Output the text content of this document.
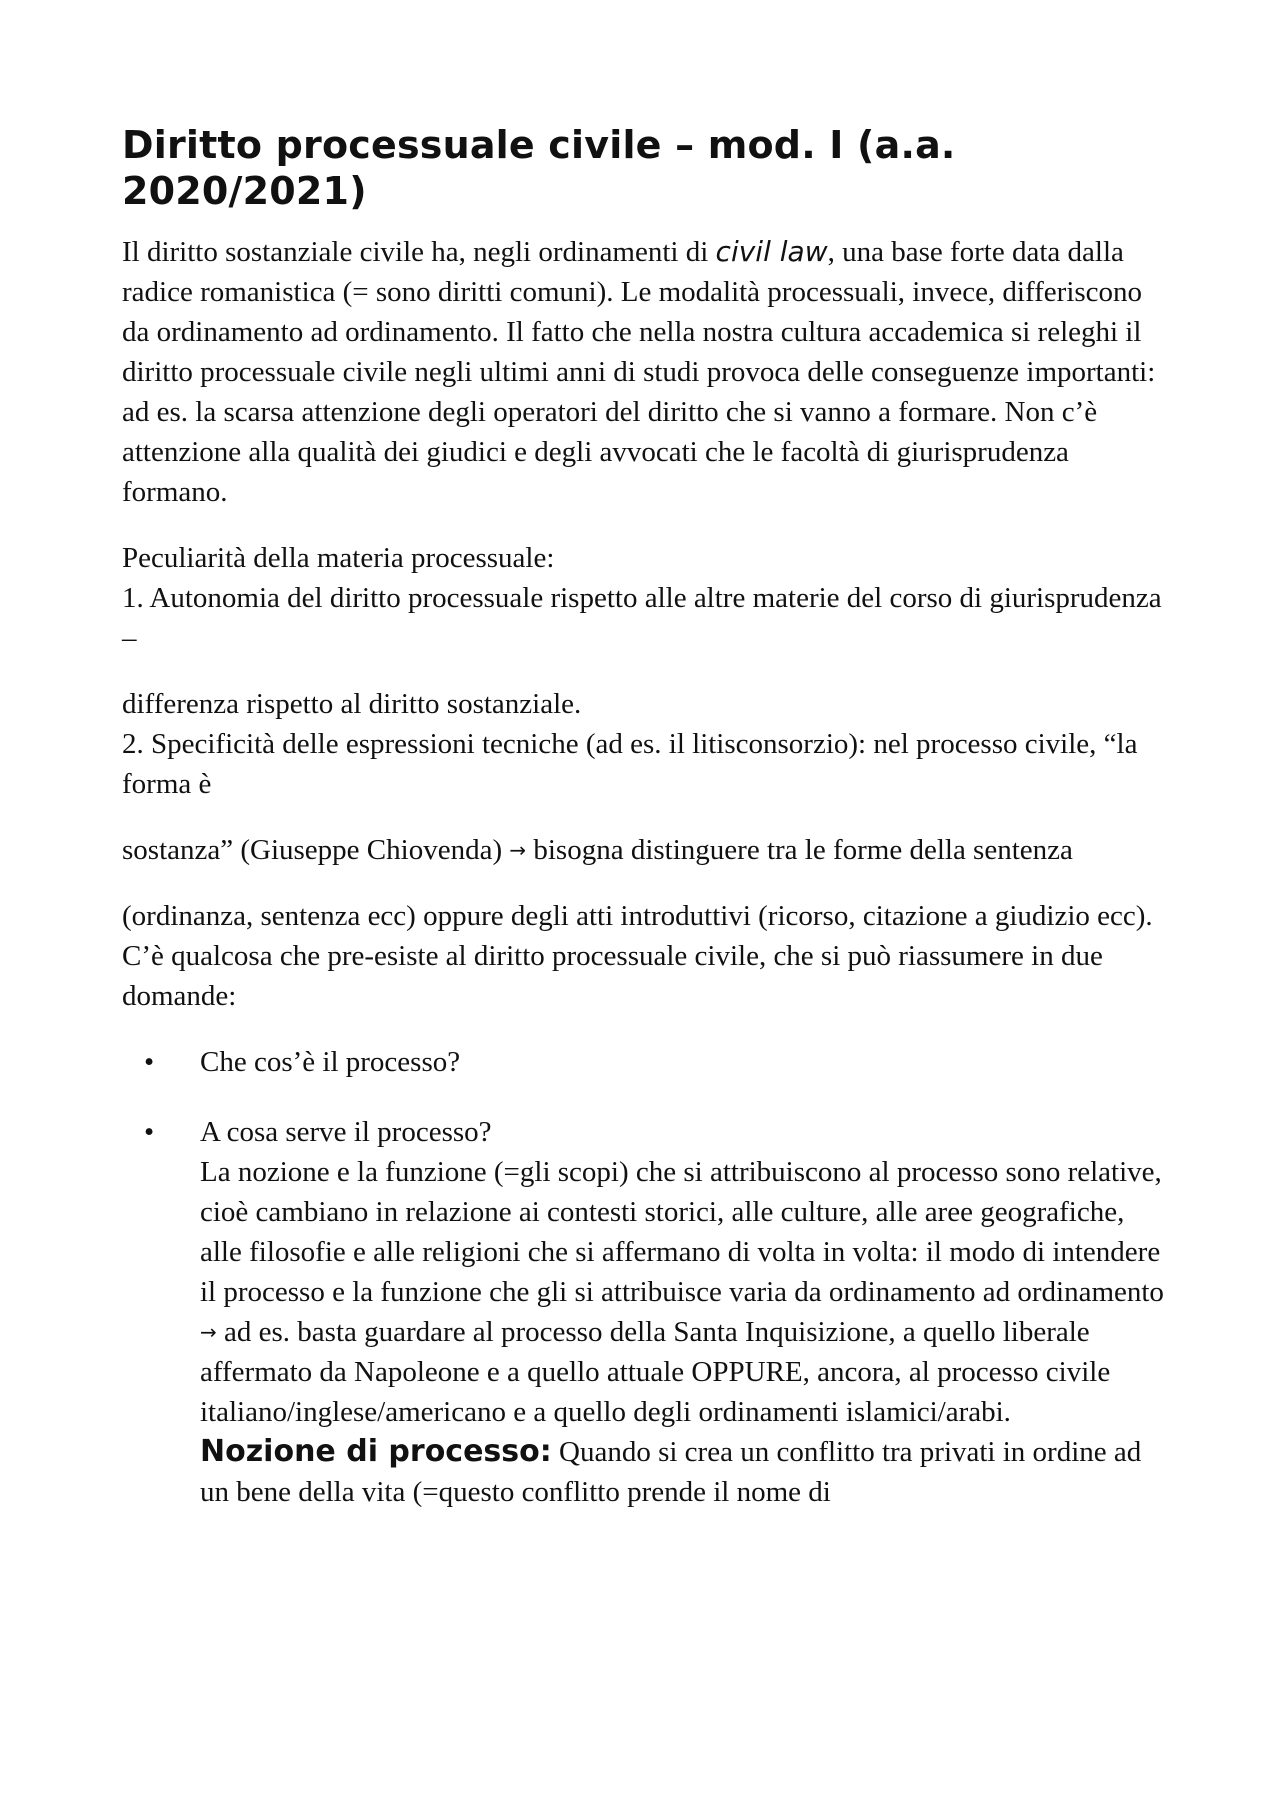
Diritto processuale civile – mod. I (a.a. 2020/2021)

Il diritto sostanziale civile ha, negli ordinamenti di civil law, una base forte data dalla radice romanistica (= sono diritti comuni). Le modalità processuali, invece, differiscono da ordinamento ad ordinamento. Il fatto che nella nostra cultura accademica si releghi il diritto processuale civile negli ultimi anni di studi provoca delle conseguenze importanti: ad es. la scarsa attenzione degli operatori del diritto che si vanno a formare. Non c’è attenzione alla qualità dei giudici e degli avvocati che le facoltà di giurisprudenza formano.

Peculiarità della materia processuale:
1. Autonomia del diritto processuale rispetto alle altre materie del corso di giurisprudenza –

differenza rispetto al diritto sostanziale.
2. Specificità delle espressioni tecniche (ad es. il litisconsorzio): nel processo civile, “la forma è

sostanza” (Giuseppe Chiovenda) → bisogna distinguere tra le forme della sentenza

(ordinanza, sentenza ecc) oppure degli atti introduttivi (ricorso, citazione a giudizio ecc). C’è qualcosa che pre-esiste al diritto processuale civile, che si può riassumere in due domande:

• Che cos’è il processo?
• A cosa serve il processo?
La nozione e la funzione (=gli scopi) che si attribuiscono al processo sono relative, cioè cambiano in relazione ai contesti storici, alle culture, alle aree geografiche, alle filosofie e alle religioni che si affermano di volta in volta: il modo di intendere il processo e la funzione che gli si attribuisce varia da ordinamento ad ordinamento → ad es. basta guardare al processo della Santa Inquisizione, a quello liberale affermato da Napoleone e a quello attuale OPPURE, ancora, al processo civile italiano/inglese/americano e a quello degli ordinamenti islamici/arabi.
Nozione di processo: Quando si crea un conflitto tra privati in ordine ad un bene della vita (=questo conflitto prende il nome di
